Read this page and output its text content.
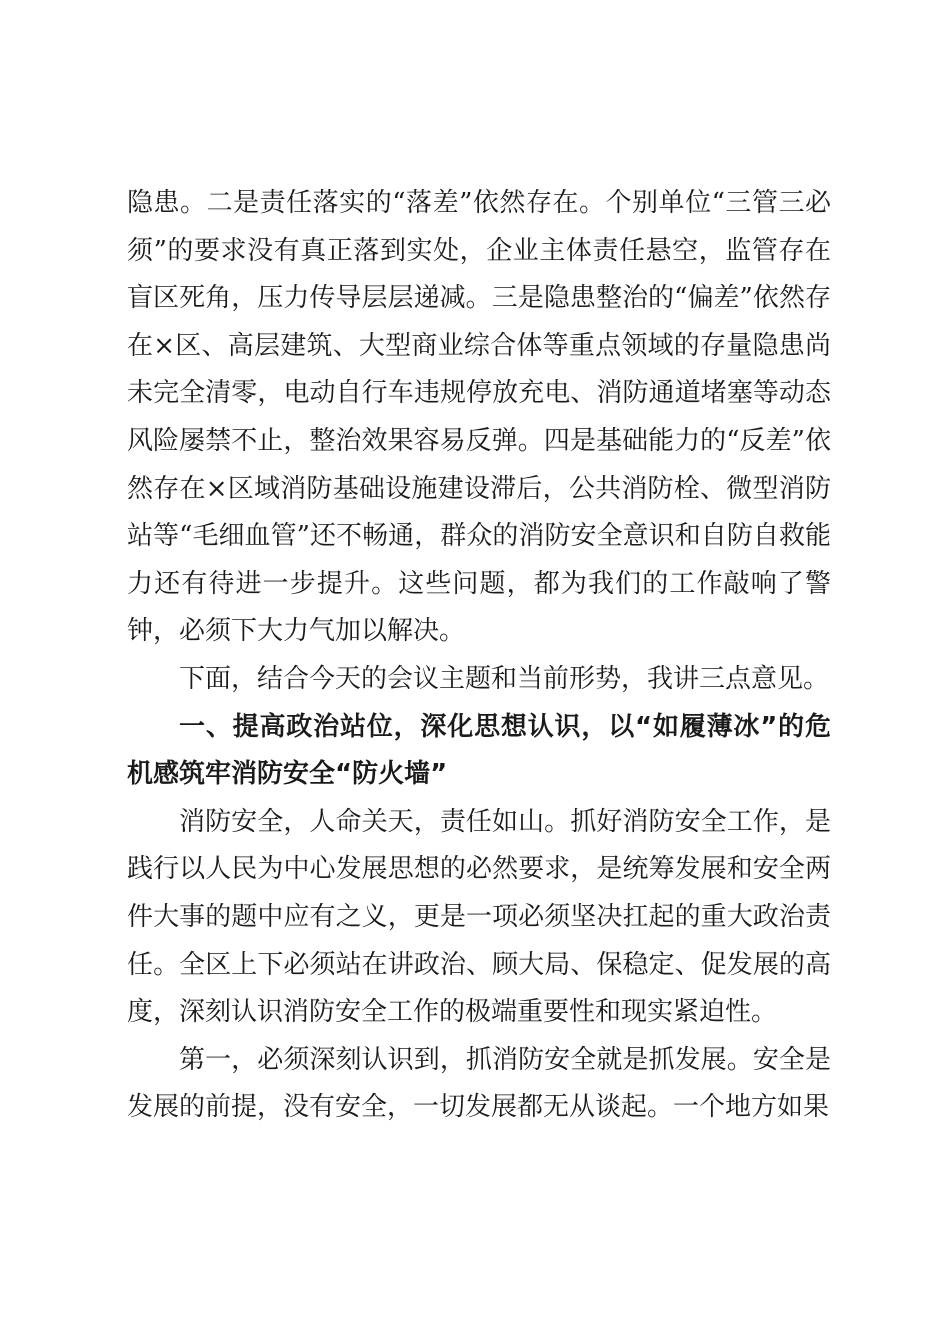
隐患。二是责任落实的“落差”依然存在。个别单位“三管三必须”的要求没有真正落到实处，企业主体责任悬空，监管存在盲区死角，压力传导层层递减。三是隐患整治的“偏差”依然存在×区、高层建筑、大型商业综合体等重点领域的存量隐患尚未完全清零，电动自行车违规停放充电、消防通道堵塞等动态风险屡禁不止，整治效果容易反弹。四是基础能力的“反差”依然存在×区域消防基础设施建设滞后，公共消防栓、微型消防站等“毛细血管”还不畅通，群众的消防安全意识和自防自救能力还有待进一步提升。这些问题，都为我们的工作敲响了警钟，必须下大力气加以解决。

下面，结合今天的会议主题和当前形势，我讲三点意见。

一、提高政治站位，深化思想认识，以“如履薄冰”的危机感筑牢消防安全“防火墙”

消防安全，人命关天，责任如山。抓好消防安全工作，是践行以人民为中心发展思想的必然要求，是统筹发展和安全两件大事的题中应有之义，更是一项必须坚决扛起的重大政治责任。全区上下必须站在讲政治、顾大局、保稳定、促发展的高度，深刻认识消防安全工作的极端重要性和现实紧迫性。

第一，必须深刻认识到，抓消防安全就是抓发展。安全是发展的前提，没有安全，一切发展都无从谈起。一个地方如果
